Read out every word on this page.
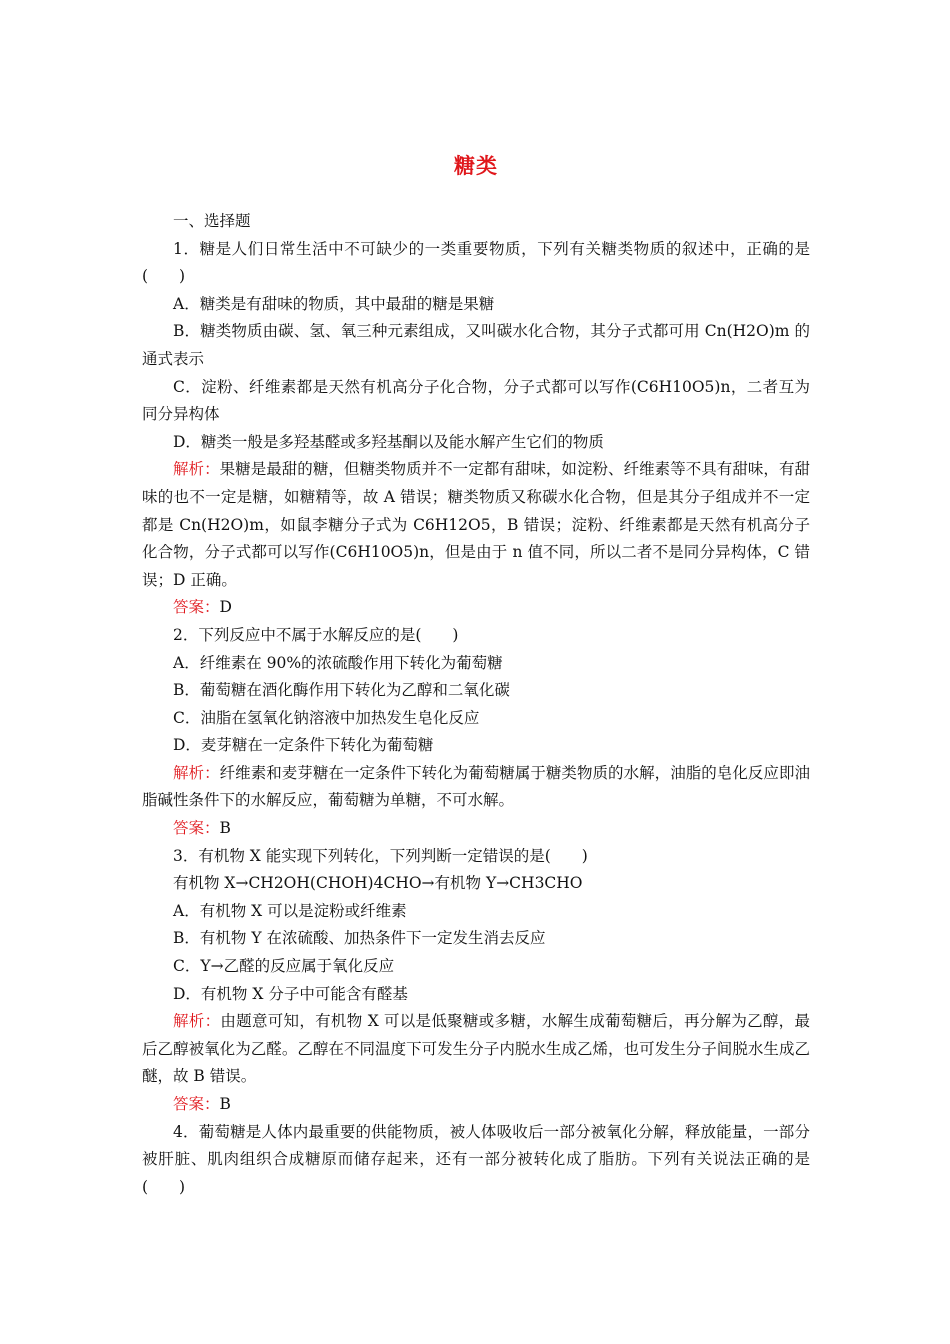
糖类

一、选择题

1．糖是人们日常生活中不可缺少的一类重要物质，下列有关糖类物质的叙述中，正确的是(　　)

A．糖类是有甜味的物质，其中最甜的糖是果糖

B．糖类物质由碳、氢、氧三种元素组成，又叫碳水化合物，其分子式都可用 Cn(H2O)m 的通式表示

C．淀粉、纤维素都是天然有机高分子化合物，分子式都可以写作(C6H10O5)n，二者互为同分异构体

D．糖类一般是多羟基醛或多羟基酮以及能水解产生它们的物质

解析：果糖是最甜的糖，但糖类物质并不一定都有甜味，如淀粉、纤维素等不具有甜味，有甜味的也不一定是糖，如糖精等，故 A 错误；糖类物质又称碳水化合物，但是其分子组成并不一定都是 Cn(H2O)m，如鼠李糖分子式为 C6H12O5，B 错误；淀粉、纤维素都是天然有机高分子化合物，分子式都可以写作(C6H10O5)n，但是由于 n 值不同，所以二者不是同分异构体，C 错误；D 正确。

答案：D

2．下列反应中不属于水解反应的是(　　)

A．纤维素在 90%的浓硫酸作用下转化为葡萄糖

B．葡萄糖在酒化酶作用下转化为乙醇和二氧化碳

C．油脂在氢氧化钠溶液中加热发生皂化反应

D．麦芽糖在一定条件下转化为葡萄糖

解析：纤维素和麦芽糖在一定条件下转化为葡萄糖属于糖类物质的水解，油脂的皂化反应即油脂碱性条件下的水解反应，葡萄糖为单糖，不可水解。

答案：B

3．有机物 X 能实现下列转化，下列判断一定错误的是(　　)

有机物 X→CH2OH(CHOH)4CHO→有机物 Y→CH3CHO

A．有机物 X 可以是淀粉或纤维素

B．有机物 Y 在浓硫酸、加热条件下一定发生消去反应

C．Y→乙醛的反应属于氧化反应

D．有机物 X 分子中可能含有醛基

解析：由题意可知，有机物 X 可以是低聚糖或多糖，水解生成葡萄糖后，再分解为乙醇，最后乙醇被氧化为乙醛。乙醇在不同温度下可发生分子内脱水生成乙烯，也可发生分子间脱水生成乙醚，故 B 错误。

答案：B

4．葡萄糖是人体内最重要的供能物质，被人体吸收后一部分被氧化分解，释放能量，一部分被肝脏、肌肉组织合成糖原而储存起来，还有一部分被转化成了脂肪。下列有关说法正确的是(　　)
